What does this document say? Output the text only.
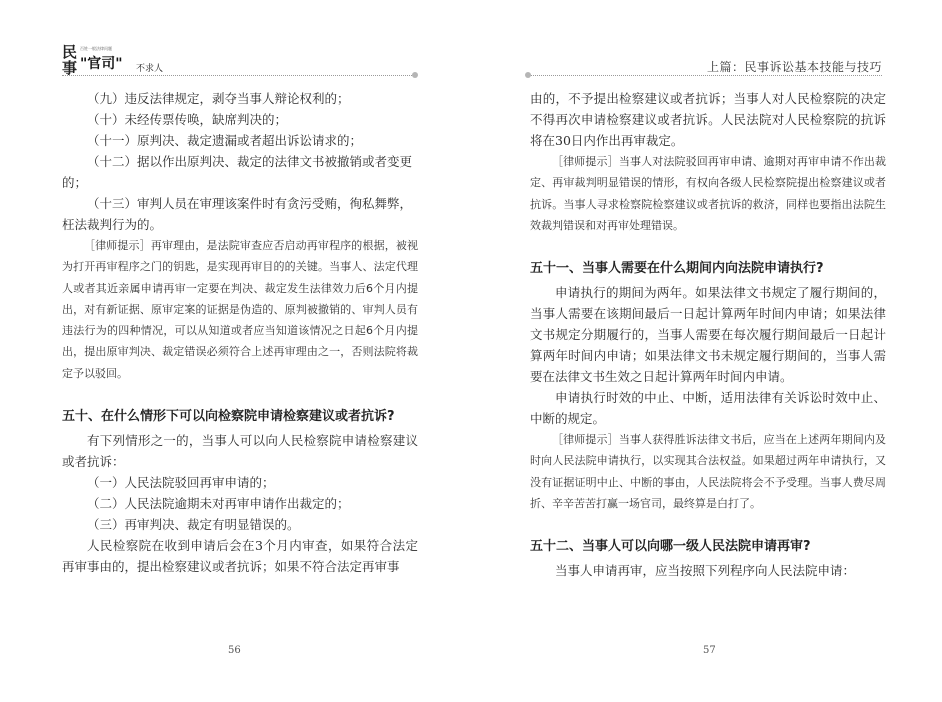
民事
百姓一般法律问题
"官司" 不求人

（九）违反法律规定，剥夺当事人辩论权利的；

（十）未经传票传唤，缺席判决的；

（十一）原判决、裁定遗漏或者超出诉讼请求的；

（十二）据以作出原判决、裁定的法律文书被撤销或者变更的；

（十三）审判人员在审理该案件时有贪污受贿，徇私舞弊，枉法裁判行为的。

［律师提示］再审理由，是法院审查应否启动再审程序的根据，被视为打开再审程序之门的钥匙，是实现再审目的的关键。当事人、法定代理人或者其近亲属申请再审一定要在判决、裁定发生法律效力后6个月内提出，对有新证据、原审定案的证据是伪造的、原判被撤销的、审判人员有违法行为的四种情况，可以从知道或者应当知道该情况之日起6个月内提出，提出原审判决、裁定错误必须符合上述再审理由之一，否则法院将裁定予以驳回。

五十、在什么情形下可以向检察院申请检察建议或者抗诉?

有下列情形之一的，当事人可以向人民检察院申请检察建议或者抗诉：

（一）人民法院驳回再审申请的；

（二）人民法院逾期未对再审申请作出裁定的；

（三）再审判决、裁定有明显错误的。

人民检察院在收到申请后会在3个月内审查，如果符合法定再审事由的，提出检察建议或者抗诉；如果不符合法定再审事

56
上篇：民事诉讼基本技能与技巧

由的，不予提出检察建议或者抗诉；当事人对人民检察院的决定不得再次申请检察建议或者抗诉。人民法院对人民检察院的抗诉将在30日内作出再审裁定。

［律师提示］当事人对法院驳回再审申请、逾期对再审申请不作出裁定、再审裁判明显错误的情形，有权向各级人民检察院提出检察建议或者抗诉。当事人寻求检察院检察建议或者抗诉的救济，同样也要指出法院生效裁判错误和对再审处理错误。

五十一、当事人需要在什么期间内向法院申请执行?

申请执行的期间为两年。如果法律文书规定了履行期间的，当事人需要在该期间最后一日起计算两年时间内申请；如果法律文书规定分期履行的，当事人需要在每次履行期间最后一日起计算两年时间内申请；如果法律文书未规定履行期间的，当事人需要在法律文书生效之日起计算两年时间内申请。

申请执行时效的中止、中断，适用法律有关诉讼时效中止、中断的规定。

［律师提示］当事人获得胜诉法律文书后，应当在上述两年期间内及时向人民法院申请执行，以实现其合法权益。如果超过两年申请执行，又没有证据证明中止、中断的事由，人民法院将会不予受理。当事人费尽周折、辛辛苦苦打赢一场官司，最终算是白打了。

五十二、当事人可以向哪一级人民法院申请再审?

当事人申请再审，应当按照下列程序向人民法院申请：

57
